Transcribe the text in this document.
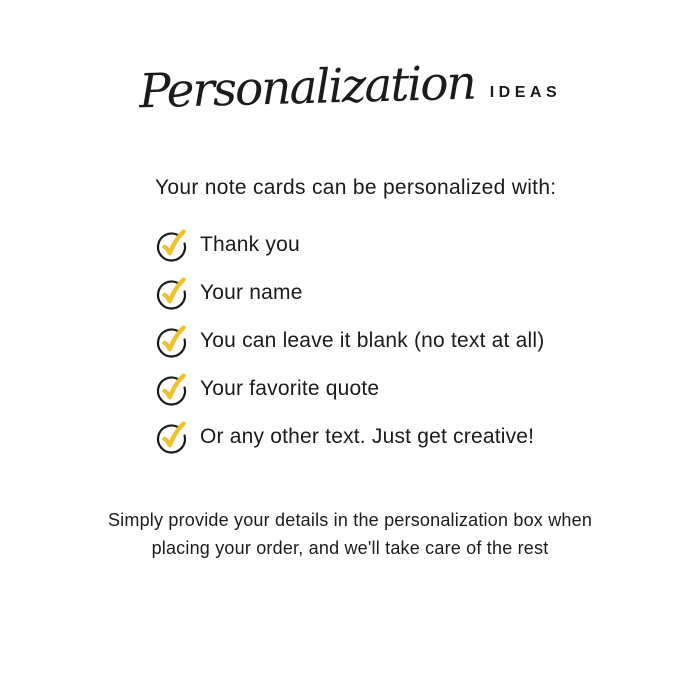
Personalization IDEAS

Your note cards can be personalized with:

Thank you
Your name
You can leave it blank (no text at all)
Your favorite quote
Or any other text. Just get creative!
Simply provide your details in the personalization box when
placing your order, and we'll take care of the rest
